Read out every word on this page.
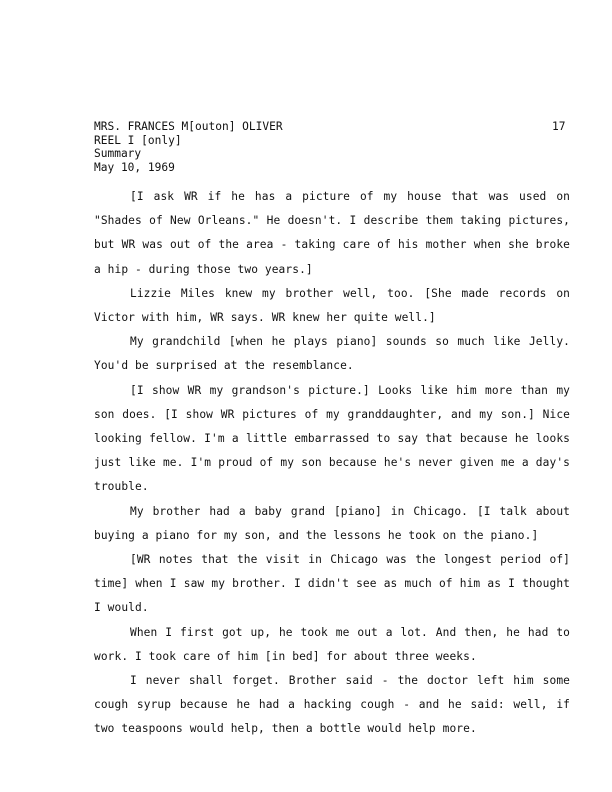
MRS. FRANCES M[outon] OLIVER
REEL I [only]
Summary
May 10, 1969
17

[I ask WR if he has a picture of my house that was used on "Shades of New Orleans." He doesn't. I describe them taking pictures, but WR was out of the area - taking care of his mother when she broke a hip - during those two years.]

Lizzie Miles knew my brother well, too. [She made records on Victor with him, WR says. WR knew her quite well.]

My grandchild [when he plays piano] sounds so much like Jelly. You'd be surprised at the resemblance.

[I show WR my grandson's picture.] Looks like him more than my son does. [I show WR pictures of my granddaughter, and my son.] Nice looking fellow. I'm a little embarrassed to say that because he looks just like me. I'm proud of my son because he's never given me a day's trouble.

My brother had a baby grand [piano] in Chicago. [I talk about buying a piano for my son, and the lessons he took on the piano.]

[WR notes that the visit in Chicago was the longest period of] time] when I saw my brother. I didn't see as much of him as I thought I would.

When I first got up, he took me out a lot. And then, he had to work. I took care of him [in bed] for about three weeks.

I never shall forget. Brother said - the doctor left him some cough syrup because he had a hacking cough - and he said: well, if two teaspoons would help, then a bottle would help more.
